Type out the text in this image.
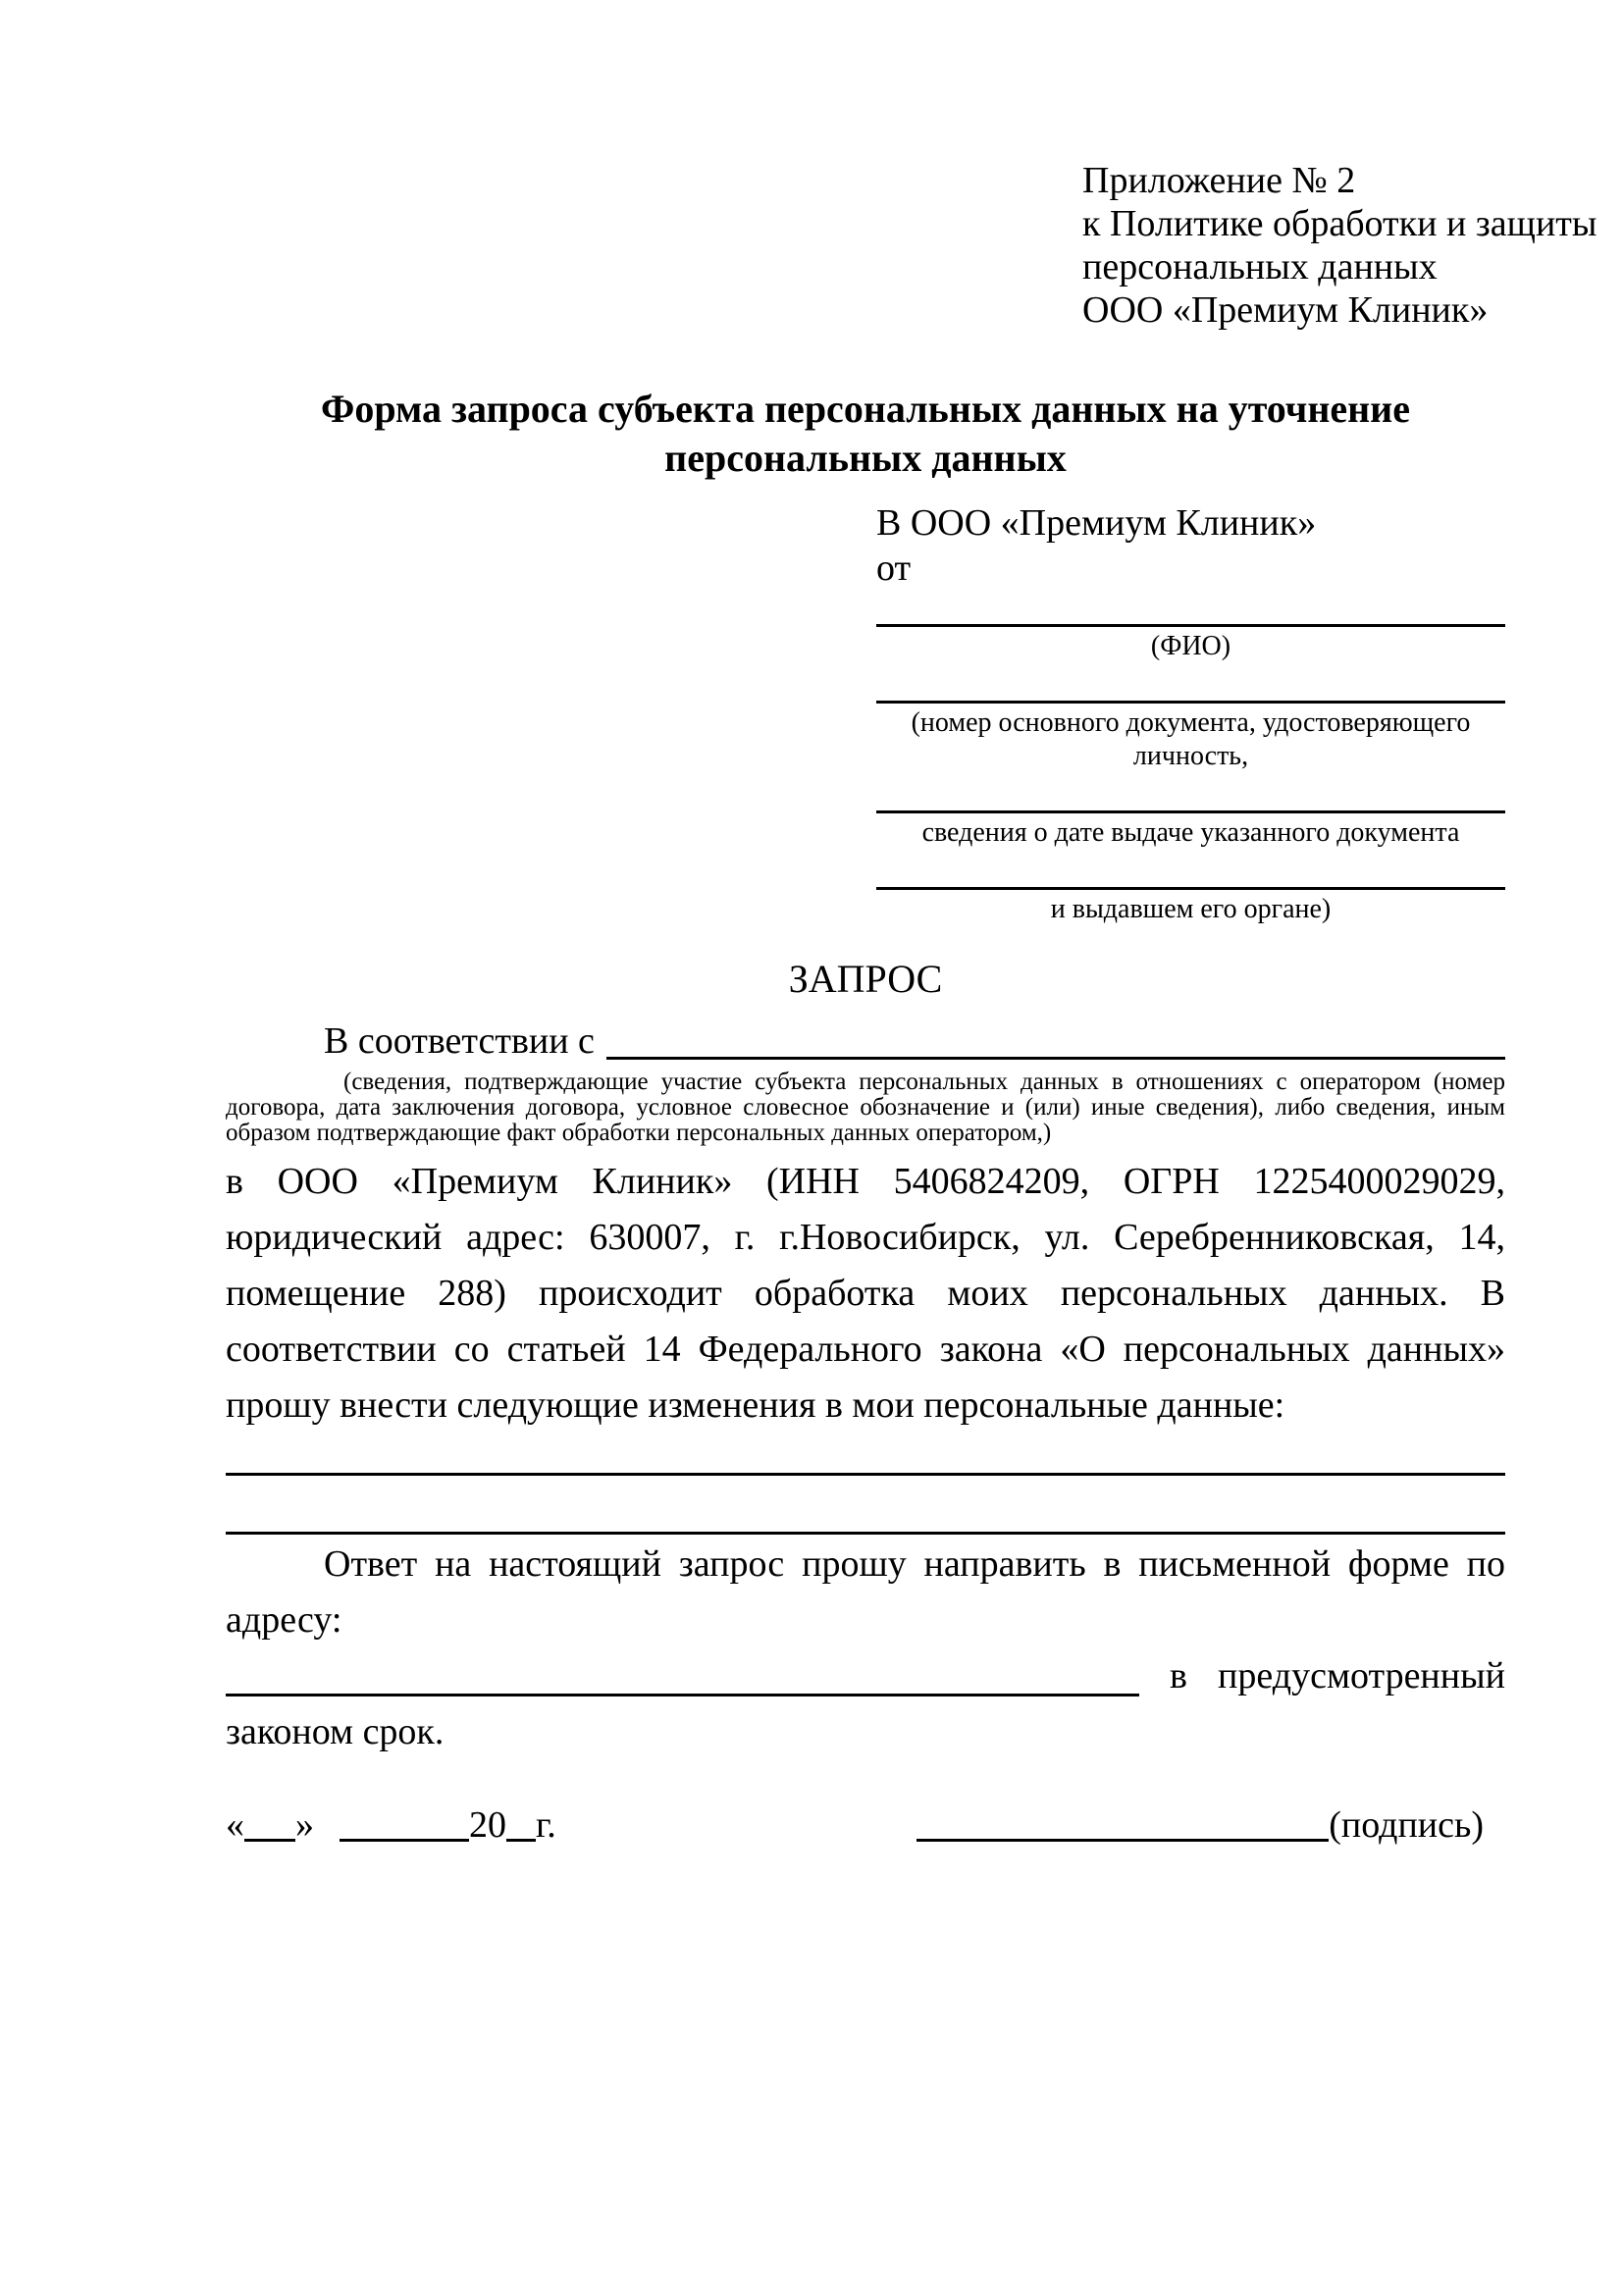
Приложение № 2
к Политике обработки и защиты
персональных данных
ООО «Премиум Клиник»
Форма запроса субъекта персональных данных на уточнение
персональных данных
В ООО «Премиум Клиник»
от
(ФИО)
(номер основного документа, удостоверяющего личность,
сведения о дате выдаче указанного документа
и выдавшем его органе)
ЗАПРОС
В соответствии с
(сведения, подтверждающие участие субъекта персональных данных в отношениях с оператором (номер договора, дата заключения договора, условное словесное обозначение и (или) иные сведения), либо сведения, иным образом подтверждающие факт обработки персональных данных оператором,)
в ООО «Премиум Клиник» (ИНН 5406824209, ОГРН 1225400029029, юридический адрес: 630007, г. г.Новосибирск, ул. Серебренниковская, 14, помещение 288) происходит обработка моих персональных данных. В соответствии со статьей 14 Федерального закона «О персональных данных» прошу внести следующие изменения в мои персональные данные:
Ответ на настоящий запрос прошу направить в письменной форме по адресу:
в предусмотренный
законом срок.
« »	20 г.	(подпись)
